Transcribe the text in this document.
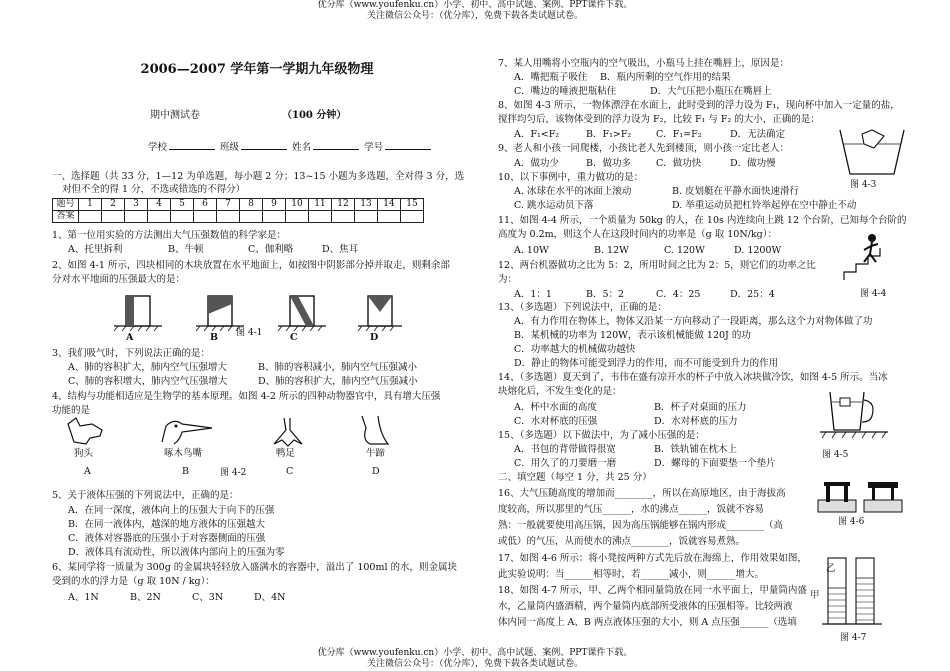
优分库（www.youfenku.cn）小学、初中、高中试题、案例、PPT课件下载。
关注微信公众号：（优分库），免费下载各类试题试卷。
优分库（www.youfenku.cn）小学、初中、高中试题、案例、PPT课件下载。
关注微信公众号：（优分库），免费下载各类试题试卷。
2006—2007 学年第一学期九年级物理
期中测试卷	（100 分钟）
学校	班级	姓名	学号
一、选择题（共 33 分，1—12 为单选题，每小题 2 分；13~15 小题为多选题，全对得 3 分，选
对但不全的得 1 分，不选或错选的不得分）
题号	1	2	3	4	5	6	7	8	9	10	11	12	13	14	15
答案															
1、第一位用实验的方法测出大气压强数值的科学家是：
A、托里拆利	B、牛顿	C、伽利略	D、焦耳
2、如图 4-1 所示，四块相同的木块放置在水平地面上，如按图中阴影部分掉并取走，则剩余部
分对水平地面的压强最大的是：
A	B	C	D
图 4-1
3、我们吸气时，下列说法正确的是：
A、肺的容积扩大，肺内空气压强增大	B、肺的容积减小，肺内空气压强减小
C、肺的容积增大，肺内空气压强增大	D、肺的容积扩大，肺内空气压强减小
4、结构与功能相适应是生物学的基本原理。如图 4-2 所示的四种动物器官中，具有增大压强
功能的是
狗头	啄木鸟嘴	鸭足	牛蹄
A	B	C	D
图 4-2
5、关于液体压强的下列说法中，正确的是：
A．在同一深度，液体向上的压强大于向下的压强
B．在同一液体内，越深的地方液体的压强越大
C．液体对容器底的压强小于对容器侧面的压强
D．液体具有流动性，所以液体内部向上的压强为零
6、某同学将一质量为 300g 的金属块轻轻放入盛满水的容器中，溢出了 100ml 的水，则金属块
受到的水的浮力是（g 取 10N / kg）：
A、1N	B、2N	C、3N	D、4N
7、某人用嘴将小空瓶内的空气吸出，小瓶马上挂在嘴唇上，原因是：
A．嘴把瓶子吸住 B．瓶内所剩的空气作用的结果
C．嘴边的唾液把瓶粘住	D．大气压把小瓶压在嘴唇上
8、如图 4-3 所示，一物体漂浮在水面上，此时受到的浮力设为 F₁，现向杯中加入一定量的盐，
搅拌均匀后，该物体受到的浮力设为 F₂，比较 F₁ 与 F₂ 的大小，正确的是：
A．F₁<F₂	B．F₁>F₂	C．F₁=F₂	D．无法确定
9、老人和小孩一同爬楼，小孩比老人先到楼顶，则小孩一定比老人：
A．做功少	B．做功多	C．做功快	D．做功慢
图 4-3
10、以下事例中，重力做功的是：
A. 冰球在水平的冰面上滚动	B. 皮划艇在平静水面快速滑行
C. 跳水运动员下落	D. 举重运动员把杠铃举起停在空中静止不动
11、如图 4-4 所示，一个质量为 50kg 的人，在 10s 内连续向上跳 12 个台阶，已知每个台阶的
高度为 0.2m，则这个人在这段时间内的功率是（g 取 10N/kg）：
A. 10W	B. 12W	C. 120W	D. 1200W
12、两台机器做功之比为 5：2，所用时间之比为 2：5，则它们的功率之比
为：
A．1：1	B．5：2	C．4：25	D．25：4	图 4-4
13、（多选题）下列说法中，正确的是：
A．有力作用在物体上，物体又沿某一方向移动了一段距离，那么这个力对物体做了功
B．某机械的功率为 120W，表示该机械能做 120J 的功
C．功率越大的机械做功越快
D．静止的物体可能受到浮力的作用，而不可能受到升力的作用
14、（多选题）夏天到了，韦伟在盛有凉开水的杯子中放入冰块做冷饮，如图 4-5 所示。当冰
块熔化后，不发生变化的是：
A．杯中水面的高度	B．杯子对桌面的压力
C．水对杯底的压强	D．水对杯底的压力
15、（多选题）以下做法中，为了减小压强的是：
A．书包的背带做得很宽	B．铁轨铺在枕木上
C．用久了的刀要磨一磨	D．螺母的下面要垫一个垫片
图 4-5
二、填空题（每空 1 分，共 25 分）
16、大气压随高度的增加而________，所以在高原地区，由于海拔高
度较高，所以那里的气压______，水的沸点______，饭就不容易
熟：一般就要使用高压锅，因为高压锅能够在锅内形成________（高
或低）的气压，从而使水的沸点________，饭就容易煮熟。
图 4-6
17、如图 4-6 所示：将小凳按两种方式先后放在海绵上，作用效果如图，
此实验说明：当______相等时，若______减小，则______增大。
18、如图 4-7 所示，甲、乙两个相同量筒放在同一水平面上，甲量筒内盛
水，乙量筒内盛酒精，两个量筒内底部所受液体的压强相等。比较两液
体内同一高度上 A、B 两点液体压强的大小，则 A 点压强______（选填
乙
甲
图 4-7
